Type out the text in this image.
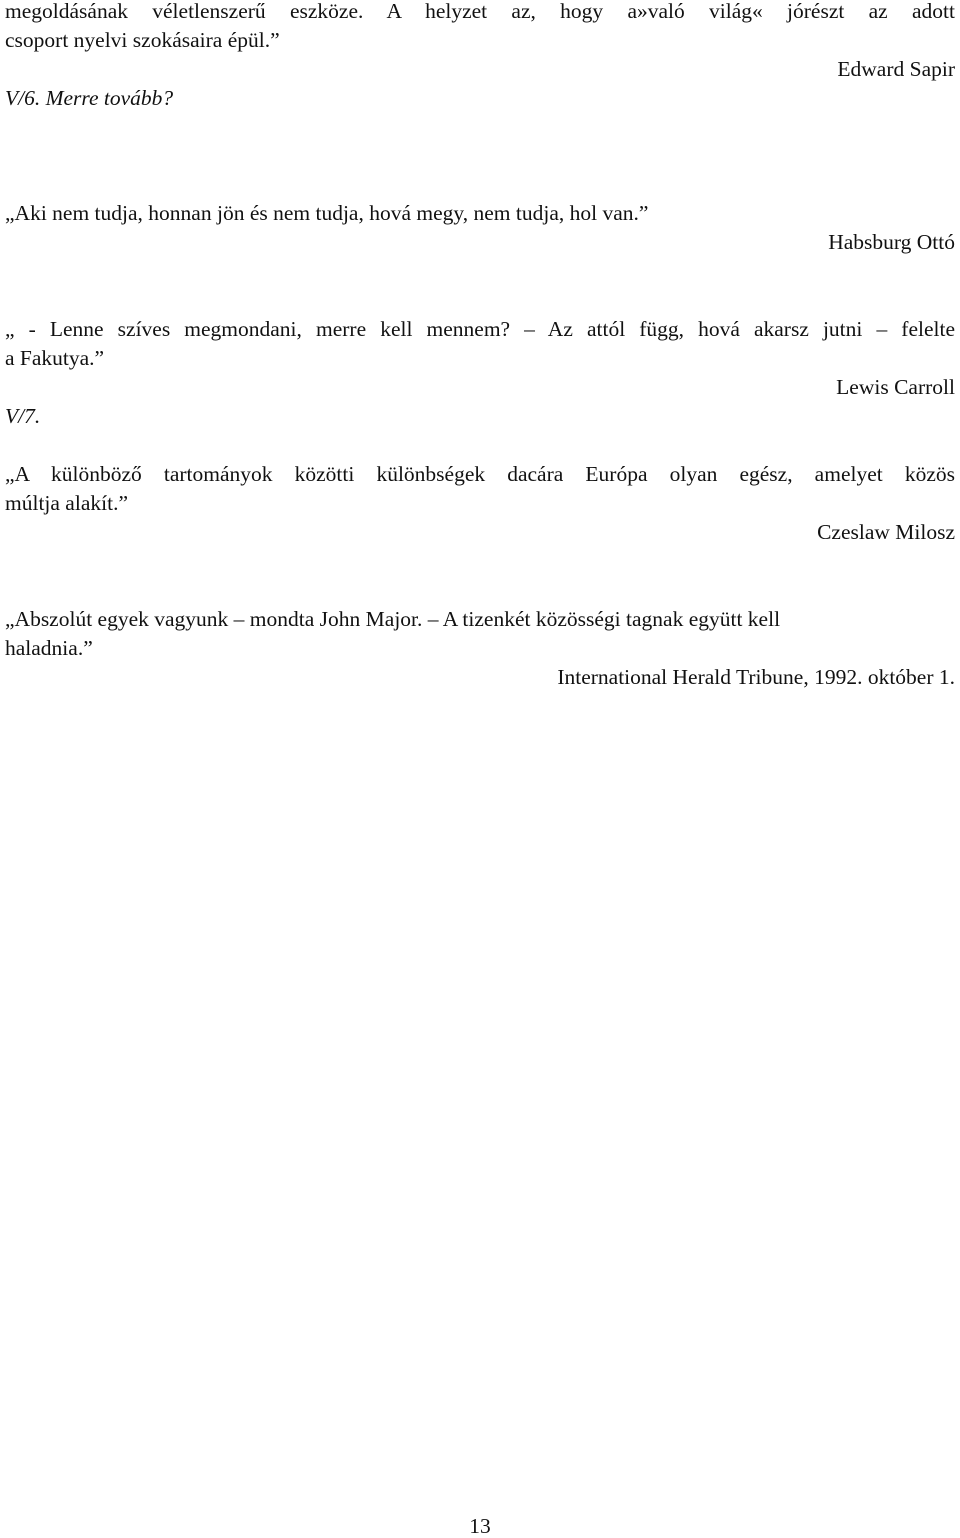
megoldásának véletlenszerű eszköze. A helyzet az, hogy a»való világ« jórészt az adott
csoport nyelvi szokásaira épül.”
Edward Sapir
V/6. Merre tovább?
„Aki nem tudja, honnan jön és nem tudja, hová megy, nem tudja, hol van.”
Habsburg Ottó
„ - Lenne szíves megmondani, merre kell mennem? – Az attól függ, hová akarsz jutni – felelte
a Fakutya.”
Lewis Carroll
V/7.
„A különböző tartományok közötti különbségek dacára Európa olyan egész, amelyet közös
múltja alakít.”
Czeslaw Milosz
„Abszolút egyek vagyunk – mondta John Major. – A tizenkét közösségi tagnak együtt kell
haladnia.”
International Herald Tribune, 1992. október 1.
13
